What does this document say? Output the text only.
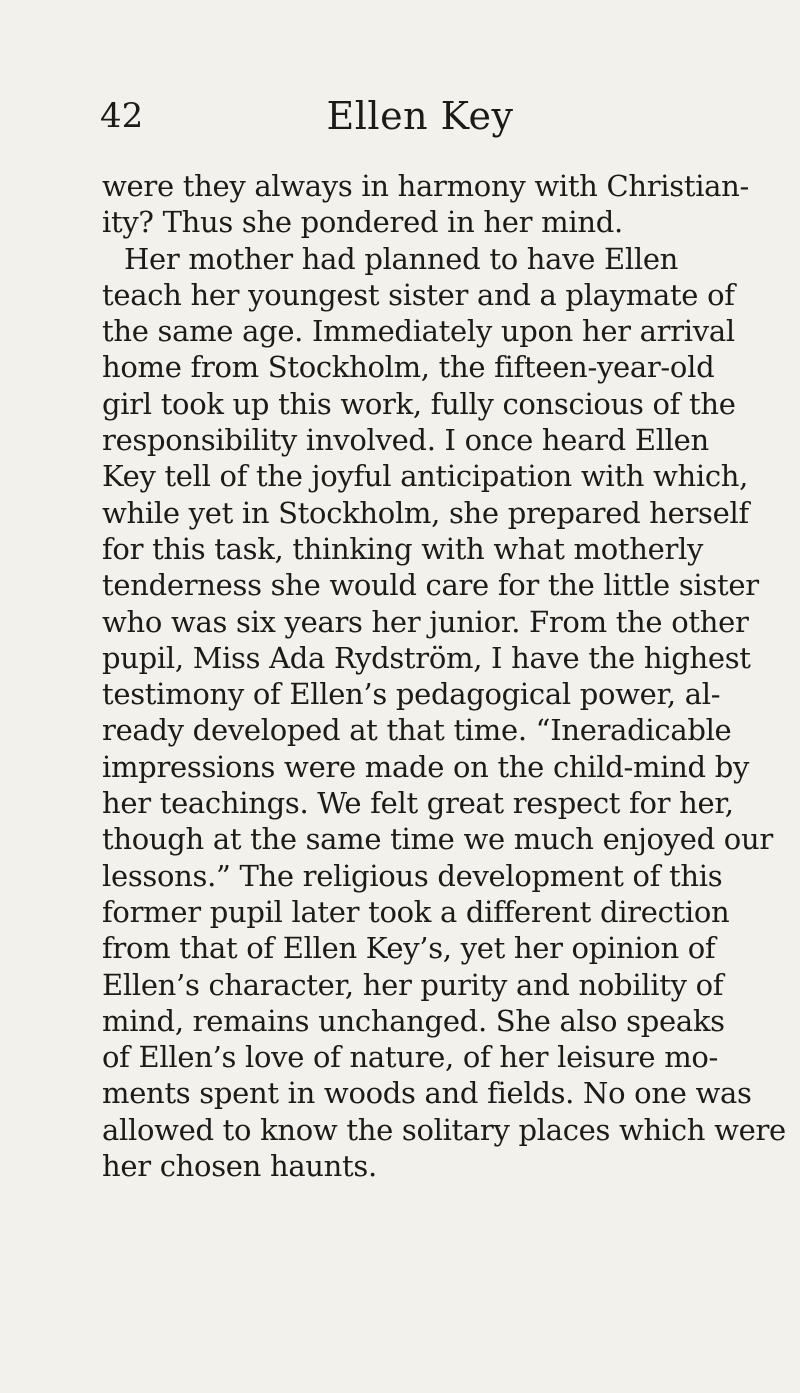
42	Ellen Key
were they always in harmony with Christian-
ity? Thus she pondered in her mind.
Her mother had planned to have Ellen
teach her youngest sister and a playmate of
the same age. Immediately upon her arrival
home from Stockholm, the fifteen-year-old
girl took up this work, fully conscious of the
responsibility involved. I once heard Ellen
Key tell of the joyful anticipation with which,
while yet in Stockholm, she prepared herself
for this task, thinking with what motherly
tenderness she would care for the little sister
who was six years her junior. From the other
pupil, Miss Ada Rydström, I have the highest
testimony of Ellen’s pedagogical power, al-
ready developed at that time. “Ineradicable
impressions were made on the child-mind by
her teachings. We felt great respect for her,
though at the same time we much enjoyed our
lessons.” The religious development of this
former pupil later took a different direction
from that of Ellen Key’s, yet her opinion of
Ellen’s character, her purity and nobility of
mind, remains unchanged. She also speaks
of Ellen’s love of nature, of her leisure mo-
ments spent in woods and fields. No one was
allowed to know the solitary places which were
her chosen haunts.
